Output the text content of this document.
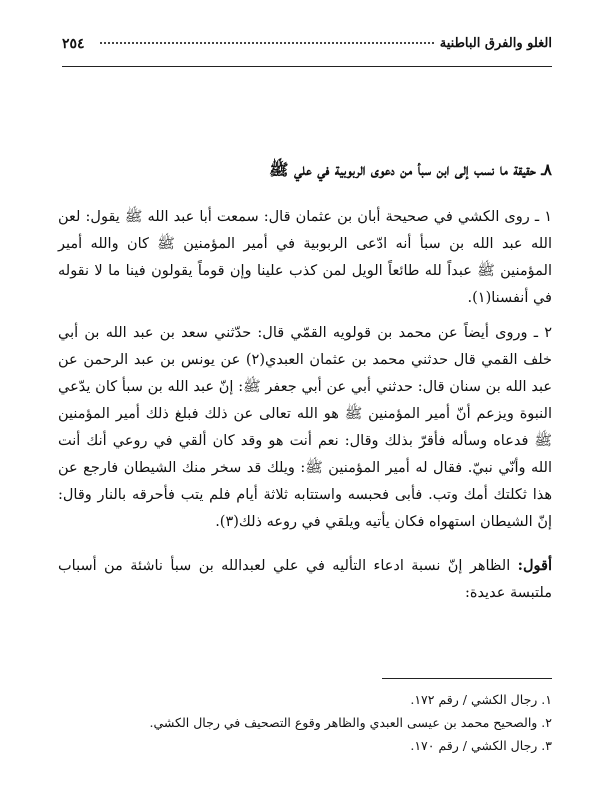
الغلو والفرق الباطنية
٢٥٤
٨ـ حقيقة ما نسب إلى ابن سبأ من دعوى الربوبية في علي ﷺ

١ ـ روى الكشي في صحيحة أبان بن عثمان قال: سمعت أبا عبد الله ﷺ يقول: لعن الله عبد الله بن سبأ أنه ادّعى الربوبية في أمير المؤمنين ﷺ كان والله أمير المؤمنين ﷺ عبداً لله طائعاً الويل لمن كذب علينا وإن قوماً يقولون فينا ما لا نقوله في أنفسنا(١).

٢ ـ وروى أيضاً عن محمد بن قولويه القمّي قال: حدّثني سعد بن عبد الله بن أبي خلف القمي قال حدثني محمد بن عثمان العبدي(٢) عن يونس بن عبد الرحمن عن عبد الله بن سنان قال: حدثني أبي عن أبي جعفر ﷺ: إنّ عبد الله بن سبأ كان يدّعي النبوة ويزعم أنّ أمير المؤمنين ﷺ هو الله تعالى عن ذلك فبلغ ذلك أمير المؤمنين ﷺ فدعاه وسأله فأقرّ بذلك وقال: نعم أنت هو وقد كان ألقي في روعي أنك أنت الله وأنّي نبيّ. فقال له أمير المؤمنين ﷺ: ويلك قد سخر منك الشيطان فارجع عن هذا ثكلتك أمك وتب. فأبى فحبسه واستتابه ثلاثة أيام فلم يتب فأحرقه بالنار وقال: إنّ الشيطان استهواه فكان يأتيه ويلقي في روعه ذلك(٣).

أقول: الظاهر إنّ نسبة ادعاء التأليه في علي لعبدالله بن سبأ ناشئة من أسباب ملتبسة عديدة:

١. رجال الكشي / رقم ١٧٢.
٢. والصحيح محمد بن عيسى العبدي والظاهر وقوع التصحيف في رجال الكشي.
٣. رجال الكشي / رقم ١٧٠.
